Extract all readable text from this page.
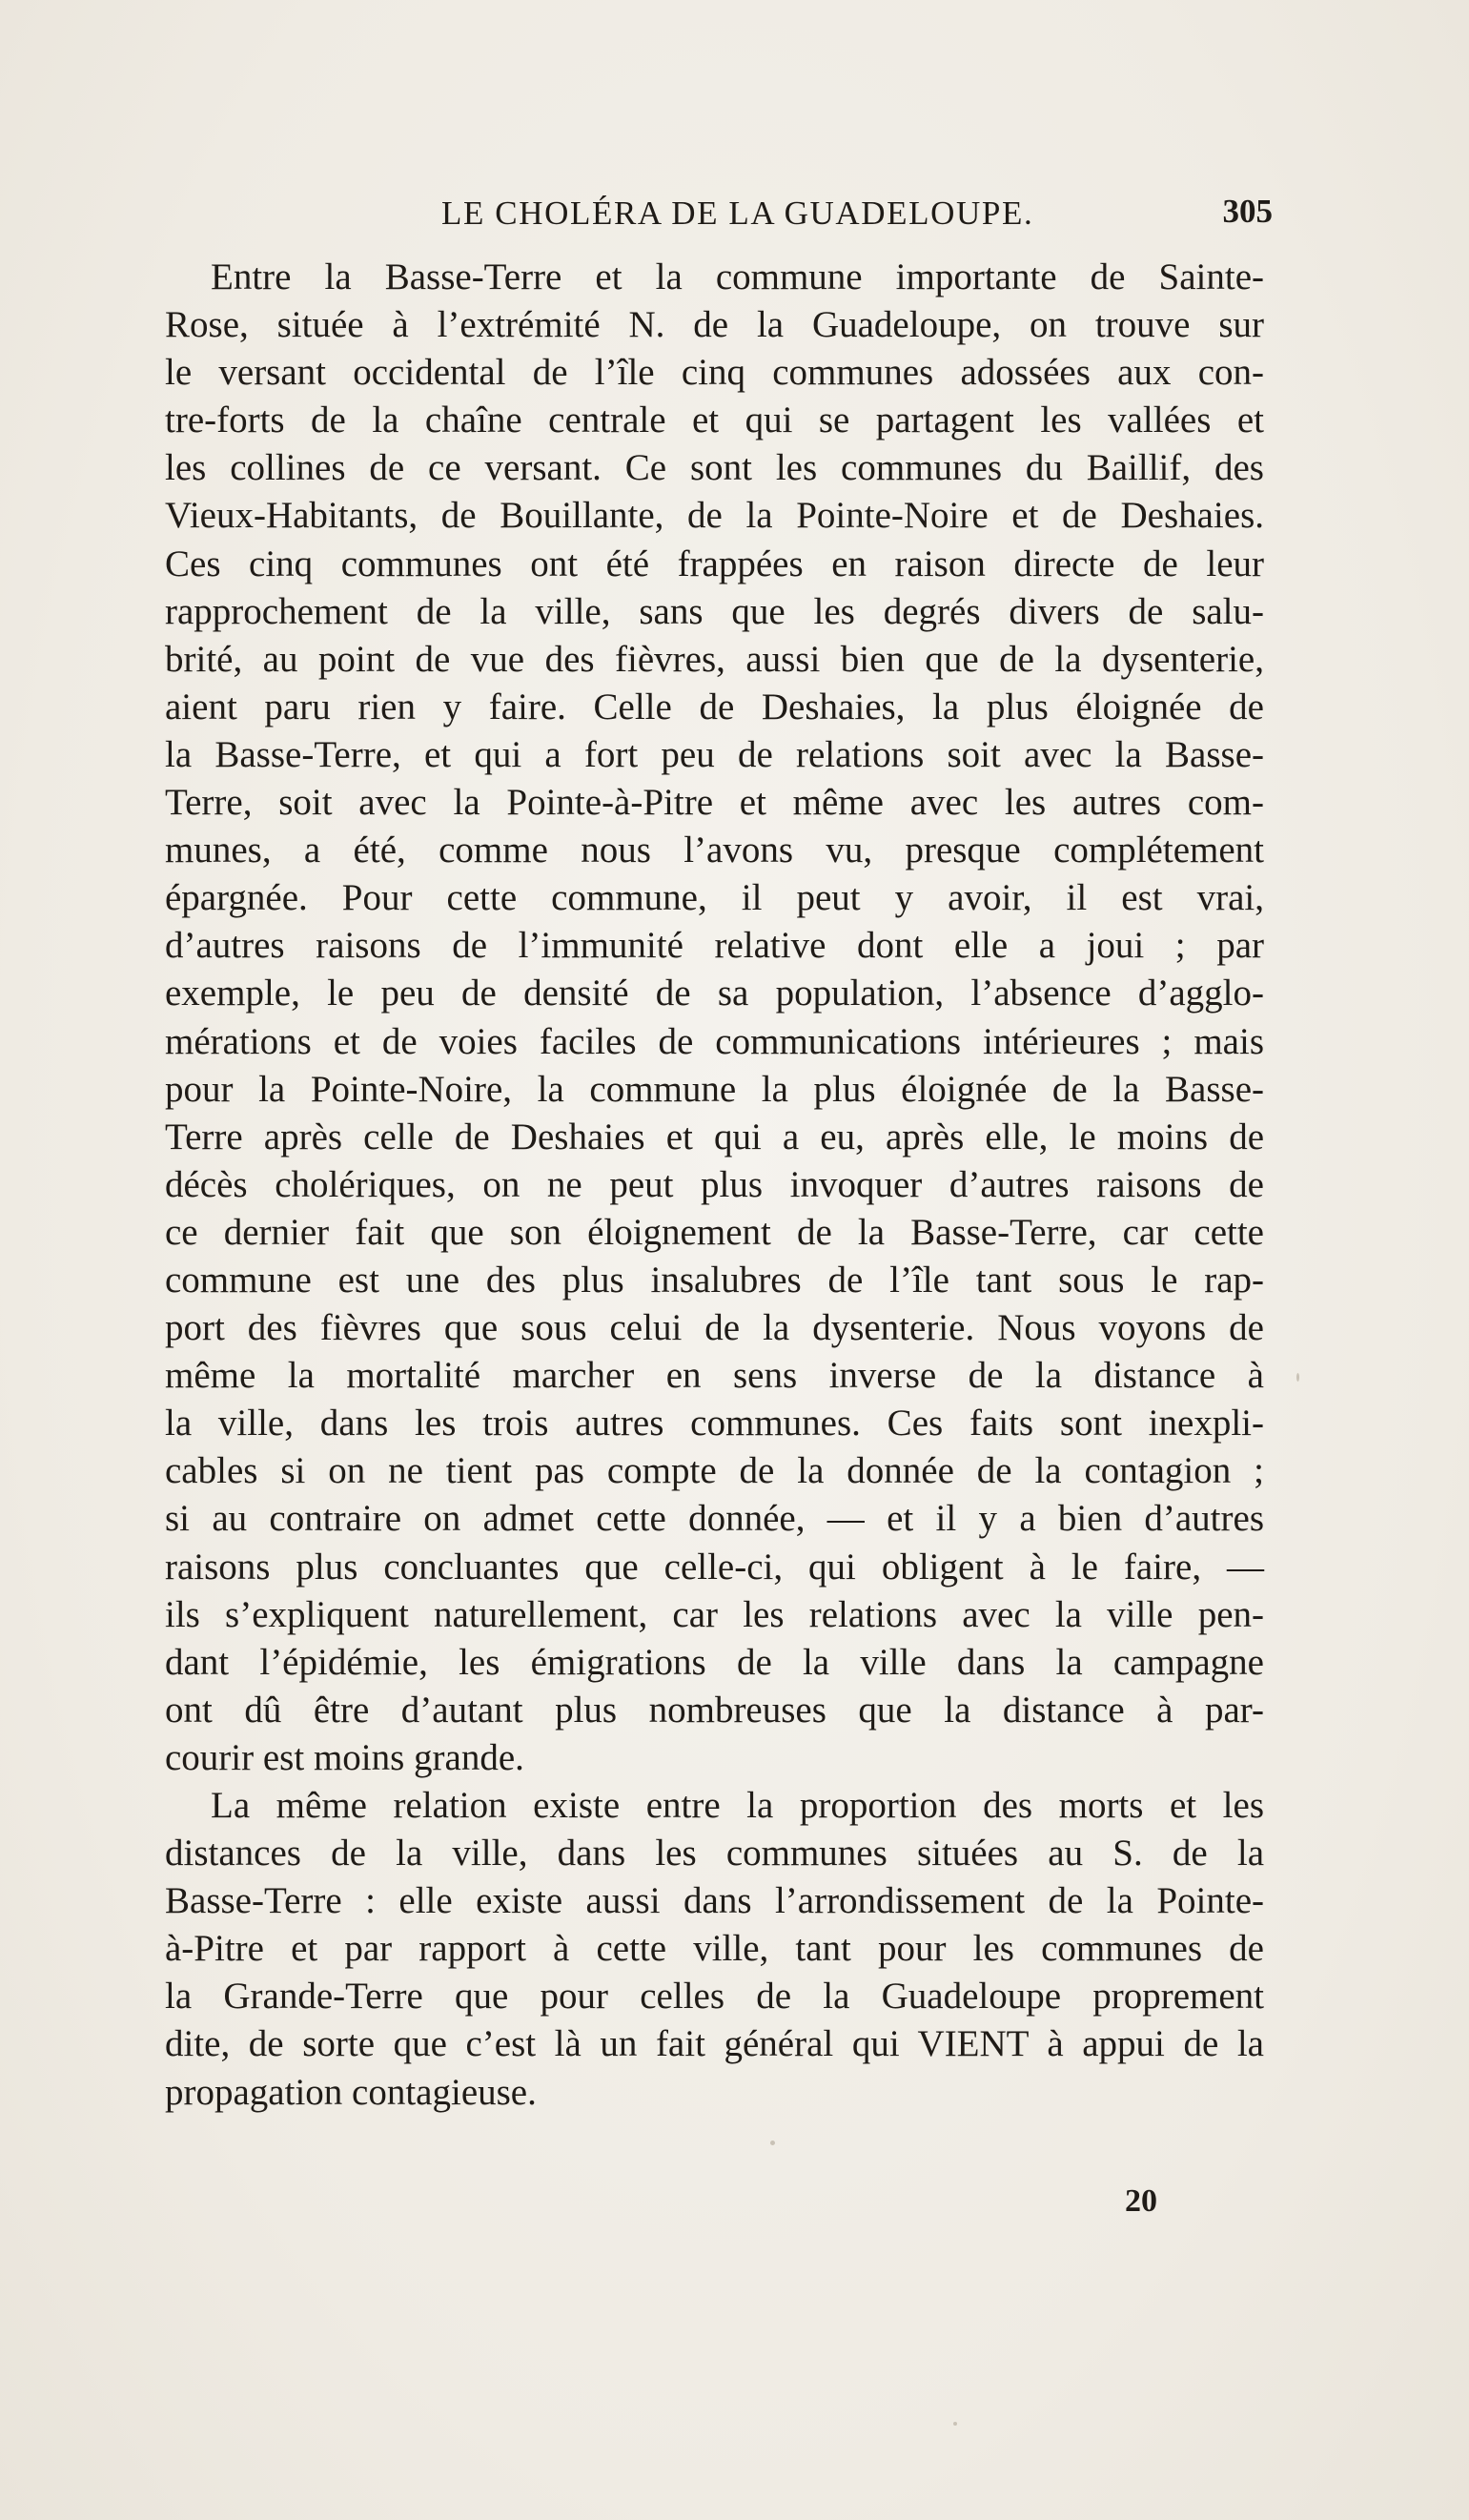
LE CHOLÉRA DE LA GUADELOUPE.	305
Entre la Basse-Terre et la commune importante de Sainte-
Rose, située à l’extrémité N. de la Guadeloupe, on trouve sur
le versant occidental de l’île cinq communes adossées aux con-
tre-forts de la chaîne centrale et qui se partagent les vallées et
les collines de ce versant. Ce sont les communes du Baillif, des
Vieux-Habitants, de Bouillante, de la Pointe-Noire et de Deshaies.
Ces cinq communes ont été frappées en raison directe de leur
rapprochement de la ville, sans que les degrés divers de salu-
brité, au point de vue des fièvres, aussi bien que de la dysenterie,
aient paru rien y faire. Celle de Deshaies, la plus éloignée de
la Basse-Terre, et qui a fort peu de relations soit avec la Basse-
Terre, soit avec la Pointe-à-Pitre et même avec les autres com-
munes, a été, comme nous l’avons vu, presque complétement
épargnée. Pour cette commune, il peut y avoir, il est vrai,
d’autres raisons de l’immunité relative dont elle a joui ; par
exemple, le peu de densité de sa population, l’absence d’agglo-
mérations et de voies faciles de communications intérieures ; mais
pour la Pointe-Noire, la commune la plus éloignée de la Basse-
Terre après celle de Deshaies et qui a eu, après elle, le moins de
décès cholériques, on ne peut plus invoquer d’autres raisons de
ce dernier fait que son éloignement de la Basse-Terre, car cette
commune est une des plus insalubres de l’île tant sous le rap-
port des fièvres que sous celui de la dysenterie. Nous voyons de
même la mortalité marcher en sens inverse de la distance à
la ville, dans les trois autres communes. Ces faits sont inexpli-
cables si on ne tient pas compte de la donnée de la contagion ;
si au contraire on admet cette donnée, — et il y a bien d’autres
raisons plus concluantes que celle-ci, qui obligent à le faire, —
ils s’expliquent naturellement, car les relations avec la ville pen-
dant l’épidémie, les émigrations de la ville dans la campagne
ont dû être d’autant plus nombreuses que la distance à par-
courir est moins grande.
La même relation existe entre la proportion des morts et les
distances de la ville, dans les communes situées au S. de la
Basse-Terre : elle existe aussi dans l’arrondissement de la Pointe-
à-Pitre et par rapport à cette ville, tant pour les communes de
la Grande-Terre que pour celles de la Guadeloupe proprement
dite, de sorte que c’est là un fait général qui VIENT à appui de la
propagation contagieuse.
20
